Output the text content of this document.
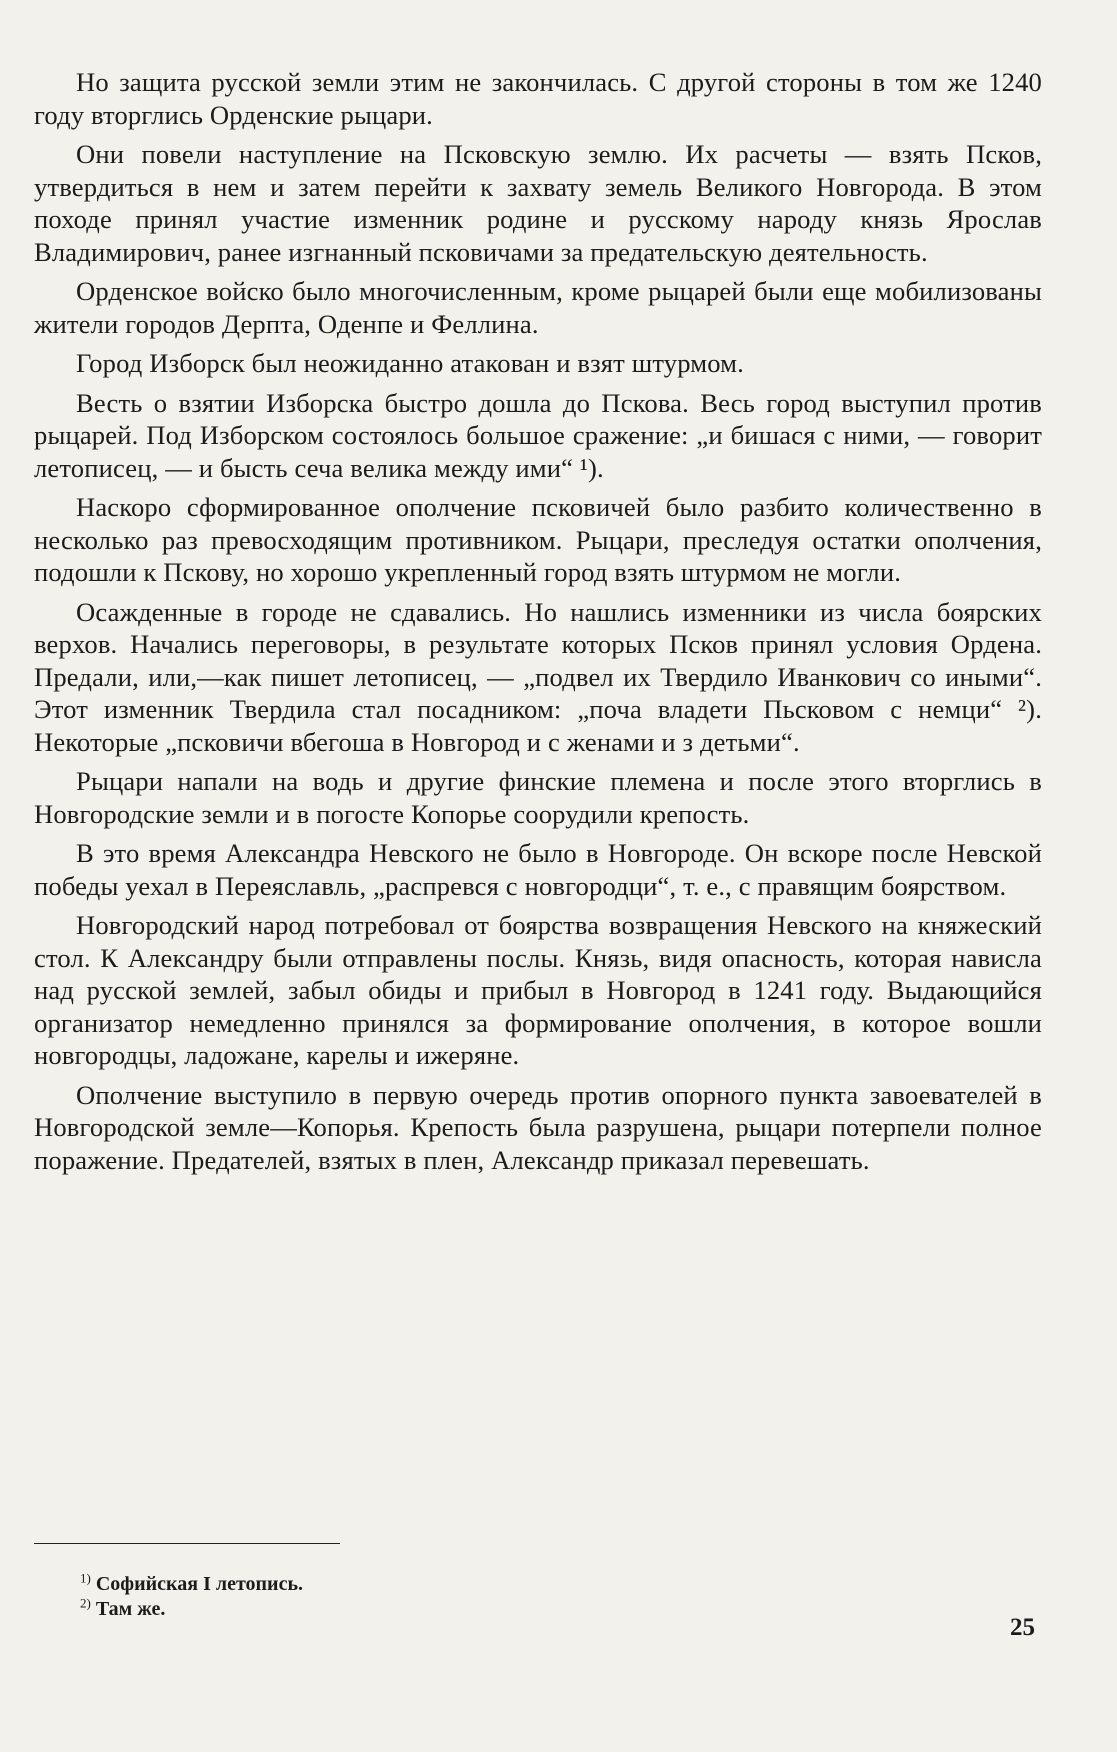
Но защита русской земли этим не закончилась. С другой стороны в том же 1240 году вторглись Орденские рыцари.

Они повели наступление на Псковскую землю. Их расчеты — взять Псков, утвердиться в нем и затем перейти к захвату земель Великого Новгорода. В этом походе принял участие изменник родине и русскому народу князь Ярослав Владимирович, ранее изгнанный псковичами за предательскую деятельность.

Орденское войско было многочисленным, кроме рыцарей были еще мобилизованы жители городов Дерпта, Оденпе и Феллина.

Город Изборск был неожиданно атакован и взят штурмом.

Весть о взятии Изборска быстро дошла до Пскова. Весь город выступил против рыцарей. Под Изборском состоялось большое сражение: „и бишася с ними, — говорит летописец, — и бысть сеча велика между ими“ ¹).

Наскоро сформированное ополчение псковичей было разбито количественно в несколько раз превосходящим противником. Рыцари, преследуя остатки ополчения, подошли к Пскову, но хорошо укрепленный город взять штурмом не могли.

Осажденные в городе не сдавались. Но нашлись изменники из числа боярских верхов. Начались переговоры, в результате которых Псков принял условия Ордена. Предали, или,—как пишет летописец, — „подвел их Твердило Иванкович со иными“. Этот изменник Твердила стал посадником: „поча владети Пьсковом с немци“ ²). Некоторые „псковичи вбегоша в Новгород и с женами и з детьми“.

Рыцари напали на водь и другие финские племена и после этого вторглись в Новгородские земли и в погосте Копорье соорудили крепость.

В это время Александра Невского не было в Новгороде. Он вскоре после Невской победы уехал в Переяславль, „распревся с новгородци“, т. е., с правящим боярством.

Новгородский народ потребовал от боярства возвращения Невского на княжеский стол. К Александру были отправлены послы. Князь, видя опасность, которая нависла над русской землей, забыл обиды и прибыл в Новгород в 1241 году. Выдающийся организатор немедленно принялся за формирование ополчения, в которое вошли новгородцы, ладожане, карелы и ижеряне.

Ополчение выступило в первую очередь против опорного пункта завоевателей в Новгородской земле—Копорья. Крепость была разрушена, рыцари потерпели полное поражение. Предателей, взятых в плен, Александр приказал перевешать.

$^{1)}$ Софийская I летопись.
$^{2)}$ Там же.
25
